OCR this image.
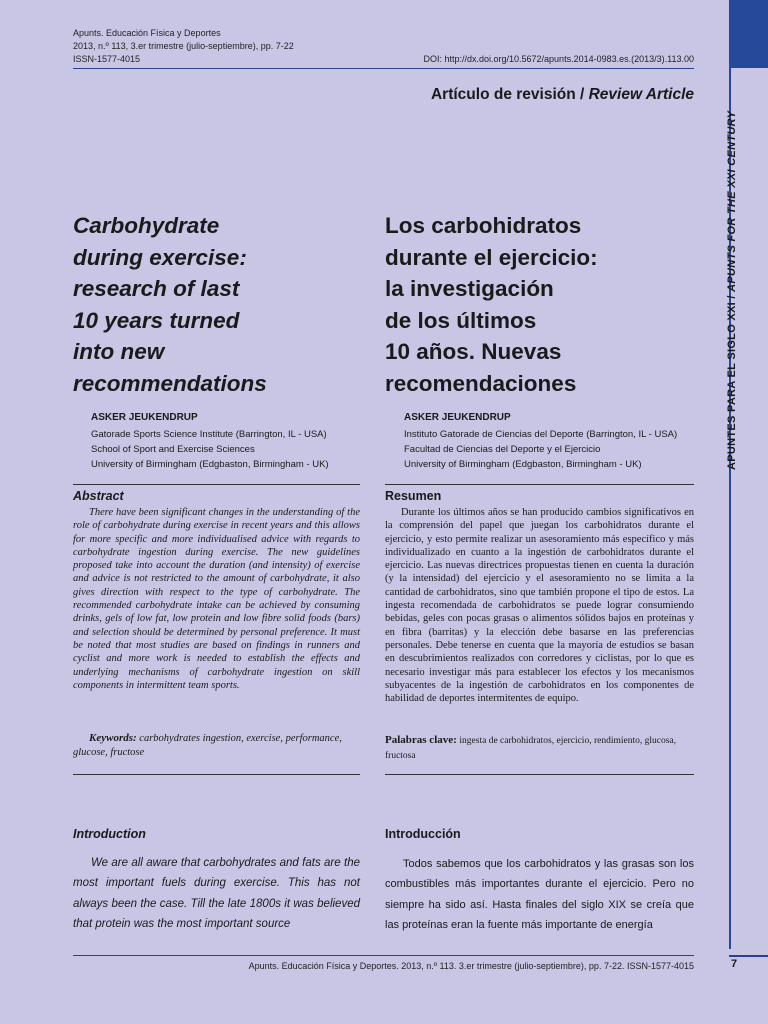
Apunts. Educación Física y Deportes
2013, n.º 113, 3.er trimestre (julio-septiembre), pp. 7-22
ISSN-1577-4015	DOI: http://dx.doi.org/10.5672/apunts.2014-0983.es.(2013/3).113.00
APUNTES PARA EL SIGLO XXI / APUNTS FOR THE XXI CENTURY
Artículo de revisión / Review Article
Carbohydrate
during exercise:
research of last
10 years turned
into new
recommendations
Los carbohidratos
durante el ejercicio:
la investigación
de los últimos
10 años. Nuevas
recomendaciones
ASKER JEUKENDRUP
Gatorade Sports Science Institute (Barrington, IL - USA)
School of Sport and Exercise Sciences
University of Birmingham (Edgbaston, Birmingham - UK)
ASKER JEUKENDRUP
Instituto Gatorade de Ciencias del Deporte (Barrington, IL - USA)
Facultad de Ciencias del Deporte y el Ejercicio
University of Birmingham (Edgbaston, Birmingham - UK)
Abstract
There have been significant changes in the understanding of the role of carbohydrate during exercise in recent years and this allows for more specific and more individualised advice with regards to carbohydrate ingestion during exercise. The new guidelines proposed take into account the duration (and intensity) of exercise and advice is not restricted to the amount of carbohydrate, it also gives direction with respect to the type of carbohydrate. The recommended carbohydrate intake can be achieved by consuming drinks, gels of low fat, low protein and low fibre solid foods (bars) and selection should be determined by personal preference. It must be noted that most studies are based on findings in runners and cyclist and more work is needed to establish the effects and underlying mechanisms of carbohydrate ingestion on skill components in intermittent team sports.
Keywords: carbohydrates ingestion, exercise, performance, glucose, fructose
Resumen
Durante los últimos años se han producido cambios significativos en la comprensión del papel que juegan los carbohidratos durante el ejercicio, y esto permite realizar un asesoramiento más específico y más individualizado en cuanto a la ingestión de carbohidratos durante el ejercicio. Las nuevas directrices propuestas tienen en cuenta la duración (y la intensidad) del ejercicio y el asesoramiento no se limita a la cantidad de carbohidratos, sino que también propone el tipo de estos. La ingesta recomendada de carbohidratos se puede lograr consumiendo bebidas, geles con pocas grasas o alimentos sólidos bajos en proteínas y en fibra (barritas) y la elección debe basarse en las preferencias personales. Debe tenerse en cuenta que la mayoría de estudios se basan en descubrimientos realizados con corredores y ciclistas, por lo que es necesario investigar más para establecer los efectos y los mecanismos subyacentes de la ingestión de carbohidratos en los componentes de habilidad de deportes intermitentes de equipo.
Palabras clave: ingesta de carbohidratos, ejercicio, rendimiento, glucosa, fructosa
Introduction
We are all aware that carbohydrates and fats are the most important fuels during exercise. This has not always been the case. Till the late 1800s it was believed that protein was the most important source
Introducción
Todos sabemos que los carbohidratos y las grasas son los combustibles más importantes durante el ejercicio. Pero no siempre ha sido así. Hasta finales del siglo XIX se creía que las proteínas eran la fuente más importante de energía
Apunts. Educación Física y Deportes. 2013, n.º 113. 3.er trimestre (julio-septiembre), pp. 7-22. ISSN-1577-4015	7
